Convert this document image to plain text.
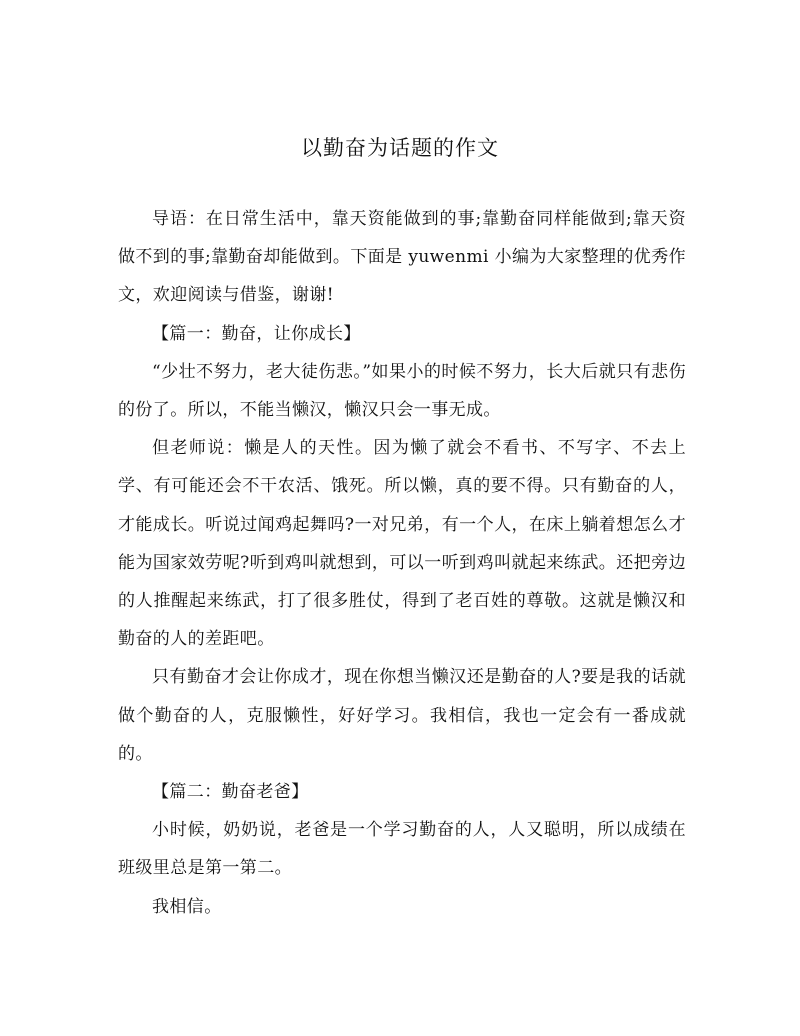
以勤奋为话题的作文

导语：在日常生活中，靠天资能做到的事;靠勤奋同样能做到;靠天资做不到的事;靠勤奋却能做到。下面是 yuwenmi 小编为大家整理的优秀作文，欢迎阅读与借鉴，谢谢!

【篇一：勤奋，让你成长】

“少壮不努力，老大徒伤悲。”如果小的时候不努力，长大后就只有悲伤的份了。所以，不能当懒汉，懒汉只会一事无成。

但老师说：懒是人的天性。因为懒了就会不看书、不写字、不去上学、有可能还会不干农活、饿死。所以懒，真的要不得。只有勤奋的人，才能成长。听说过闻鸡起舞吗?一对兄弟，有一个人，在床上躺着想怎么才能为国家效劳呢?听到鸡叫就想到，可以一听到鸡叫就起来练武。还把旁边的人推醒起来练武，打了很多胜仗，得到了老百姓的尊敬。这就是懒汉和勤奋的人的差距吧。

只有勤奋才会让你成才，现在你想当懒汉还是勤奋的人?要是我的话就做个勤奋的人，克服懒性，好好学习。我相信，我也一定会有一番成就的。

【篇二：勤奋老爸】

小时候，奶奶说，老爸是一个学习勤奋的人，人又聪明，所以成绩在班级里总是第一第二。

我相信。
